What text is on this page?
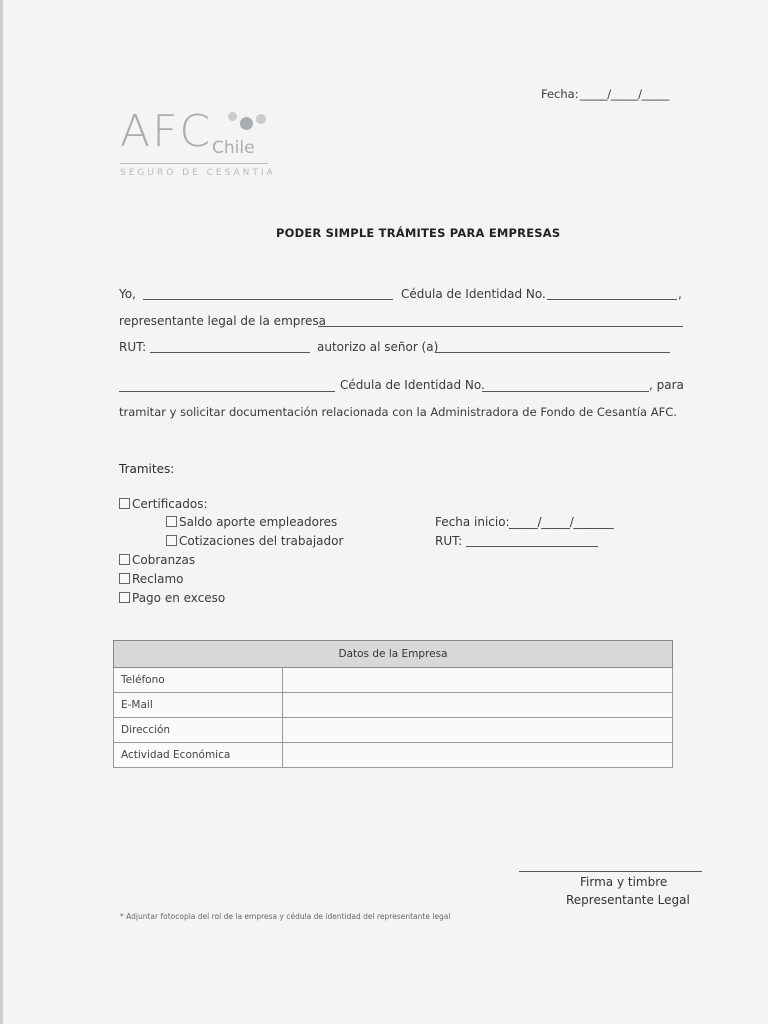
Fecha: _____/_____/_____
AFC Chile
SEGURO DE CESANTIA
PODER SIMPLE TRÁMITES PARA EMPRESAS
Yo,	Cédula de Identidad No.	,
representante legal de la empresa
RUT:	autorizo al señor (a)
Cédula de Identidad No.	, para
tramitar y solicitar documentación relacionada con la Administradora de Fondo de Cesantía AFC.
Tramites:
Certificados:
Saldo aporte empleadores
Cotizaciones del trabajador
Cobranzas
Reclamo
Pago en exceso
Fecha inicio: _____/_____/_______
RUT:
Datos de la Empresa	
Teléfono	
E-Mail	
Dirección	
Actividad Económica	
Firma y timbre
Representante Legal
* Adjuntar fotocopia del rol de la empresa y cédula de identidad del representante legal
